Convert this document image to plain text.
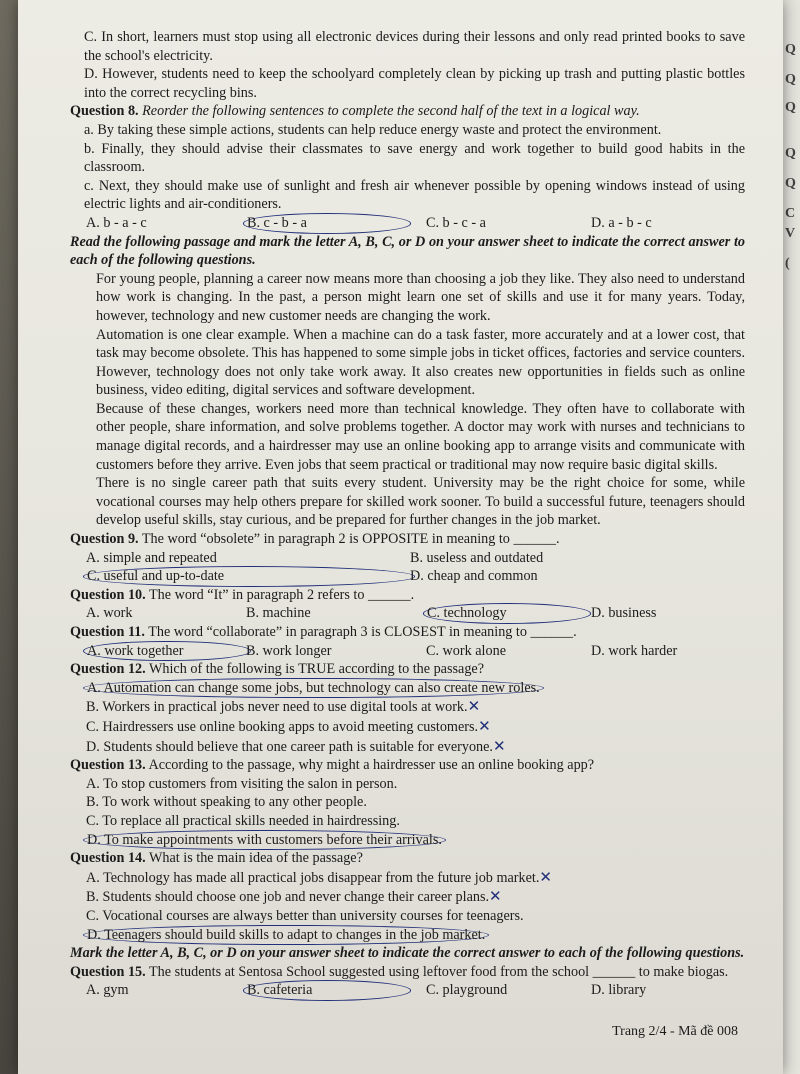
Q
Q
Q
Q
Q
C
V
(

C. In short, learners must stop using all electronic devices during their lessons and only read printed books to save the school's electricity.

D. However, students need to keep the schoolyard completely clean by picking up trash and putting plastic bottles into the correct recycling bins.

Question 8. Reorder the following sentences to complete the second half of the text in a logical way.

a. By taking these simple actions, students can help reduce energy waste and protect the environment.

b. Finally, they should advise their classmates to save energy and work together to build good habits in the classroom.

c. Next, they should make use of sunlight and fresh air whenever possible by opening windows instead of using electric lights and air-conditioners.

A. b - a - c	B. c - b - a	C. b - c - a	D. a - b - c

Read the following passage and mark the letter A, B, C, or D on your answer sheet to indicate the correct answer to each of the following questions.

For young people, planning a career now means more than choosing a job they like. They also need to understand how work is changing. In the past, a person might learn one set of skills and use it for many years. Today, however, technology and new customer needs are changing the work.

Automation is one clear example. When a machine can do a task faster, more accurately and at a lower cost, that task may become obsolete. This has happened to some simple jobs in ticket offices, factories and service counters. However, technology does not only take work away. It also creates new opportunities in fields such as online business, video editing, digital services and software development.

Because of these changes, workers need more than technical knowledge. They often have to collaborate with other people, share information, and solve problems together. A doctor may work with nurses and technicians to manage digital records, and a hairdresser may use an online booking app to arrange visits and communicate with customers before they arrive. Even jobs that seem practical or traditional may now require basic digital skills.

There is no single career path that suits every student. University may be the right choice for some, while vocational courses may help others prepare for skilled work sooner. To build a successful future, teenagers should develop useful skills, stay curious, and be prepared for further changes in the job market.

Question 9. The word “obsolete” in paragraph 2 is OPPOSITE in meaning to ______.

A. simple and repeated	B. useless and outdated
C. useful and up-to-date	D. cheap and common

Question 10. The word “It” in paragraph 2 refers to ______.

A. work	B. machine	C. technology	D. business

Question 11. The word “collaborate” in paragraph 3 is CLOSEST in meaning to ______.

A. work together	B. work longer	C. work alone	D. work harder

Question 12. Which of the following is TRUE according to the passage?

A. Automation can change some jobs, but technology can also create new roles.
B. Workers in practical jobs never need to use digital tools at work.✕
C. Hairdressers use online booking apps to avoid meeting customers.✕
D. Students should believe that one career path is suitable for everyone.✕

Question 13. According to the passage, why might a hairdresser use an online booking app?

A. To stop customers from visiting the salon in person.
B. To work without speaking to any other people.
C. To replace all practical skills needed in hairdressing.
D. To make appointments with customers before their arrivals.

Question 14. What is the main idea of the passage?

A. Technology has made all practical jobs disappear from the future job market.✕
B. Students should choose one job and never change their career plans.✕
C. Vocational courses are always better than university courses for teenagers.
D. Teenagers should build skills to adapt to changes in the job market.

Mark the letter A, B, C, or D on your answer sheet to indicate the correct answer to each of the following questions.

Question 15. The students at Sentosa School suggested using leftover food from the school ______ to make biogas.

A. gym	B. cafeteria	C. playground	D. library
Trang 2/4 - Mã đề 008
